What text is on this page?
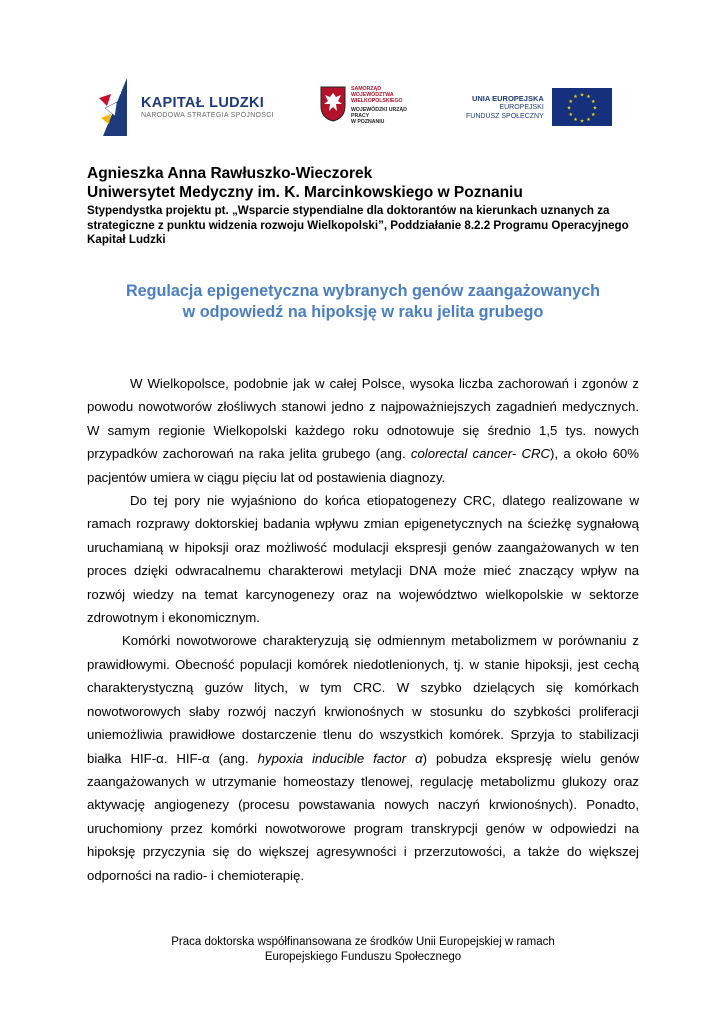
KAPITAŁ LUDZKI
NARODOWA STRATEGIA SPÓJNOŚCI
SAMORZĄD WOJEWÓDZTWA
WIELKOPOLSKIEGO
WOJEWÓDZKI URZĄD PRACY
W POZNANIU
UNIA EUROPEJSKA
EUROPEJSKI
FUNDUSZ SPOŁECZNY
★ ★
★
★
★
★
★
★
★
★
★
★
Agnieszka Anna Rawłuszko-Wieczorek
Uniwersytet Medyczny im. K. Marcinkowskiego w Poznaniu
Stypendystka projektu pt. „Wsparcie stypendialne dla doktorantów na kierunkach uznanych za strategiczne z punktu widzenia rozwoju Wielkopolski”, Poddziałanie 8.2.2 Programu Operacyjnego Kapitał Ludzki
Regulacja epigenetyczna wybranych genów zaangażowanych
w odpowiedź na hipoksję w raku jelita grubego

W Wielkopolsce, podobnie jak w całej Polsce, wysoka liczba zachorowań i zgonów z powodu nowotworów złośliwych stanowi jedno z najpoważniejszych zagadnień medycznych. W samym regionie Wielkopolski każdego roku odnotowuje się średnio 1,5 tys. nowych przypadków zachorowań na raka jelita grubego (ang. colorectal cancer- CRC), a około 60% pacjentów umiera w ciągu pięciu lat od postawienia diagnozy.

Do tej pory nie wyjaśniono do końca etiopatogenezy CRC, dlatego realizowane w ramach rozprawy doktorskiej badania wpływu zmian epigenetycznych na ścieżkę sygnałową uruchamianą w hipoksji oraz możliwość modulacji ekspresji genów zaangażowanych w ten proces dzięki odwracalnemu charakterowi metylacji DNA może mieć znaczący wpływ na rozwój wiedzy na temat karcynogenezy oraz na województwo wielkopolskie w sektorze zdrowotnym i ekonomicznym.

Komórki nowotworowe charakteryzują się odmiennym metabolizmem w porównaniu z prawidłowymi. Obecność populacji komórek niedotlenionych, tj. w stanie hipoksji, jest cechą charakterystyczną guzów litych, w tym CRC. W szybko dzielących się komórkach nowotworowych słaby rozwój naczyń krwionośnych w stosunku do szybkości proliferacji uniemożliwia prawidłowe dostarczenie tlenu do wszystkich komórek. Sprzyja to stabilizacji białka HIF-α. HIF-α (ang. hypoxia inducible factor α) pobudza ekspresję wielu genów zaangażowanych w utrzymanie homeostazy tlenowej, regulację metabolizmu glukozy oraz aktywację angiogenezy (procesu powstawania nowych naczyń krwionośnych). Ponadto, uruchomiony przez komórki nowotworowe program transkrypcji genów w odpowiedzi na hipoksję przyczynia się do większej agresywności i przerzutowości, a także do większej odporności na radio- i chemioterapię.

Praca doktorska współfinansowana ze środków Unii Europejskiej w ramach
Europejskiego Funduszu Społecznego
